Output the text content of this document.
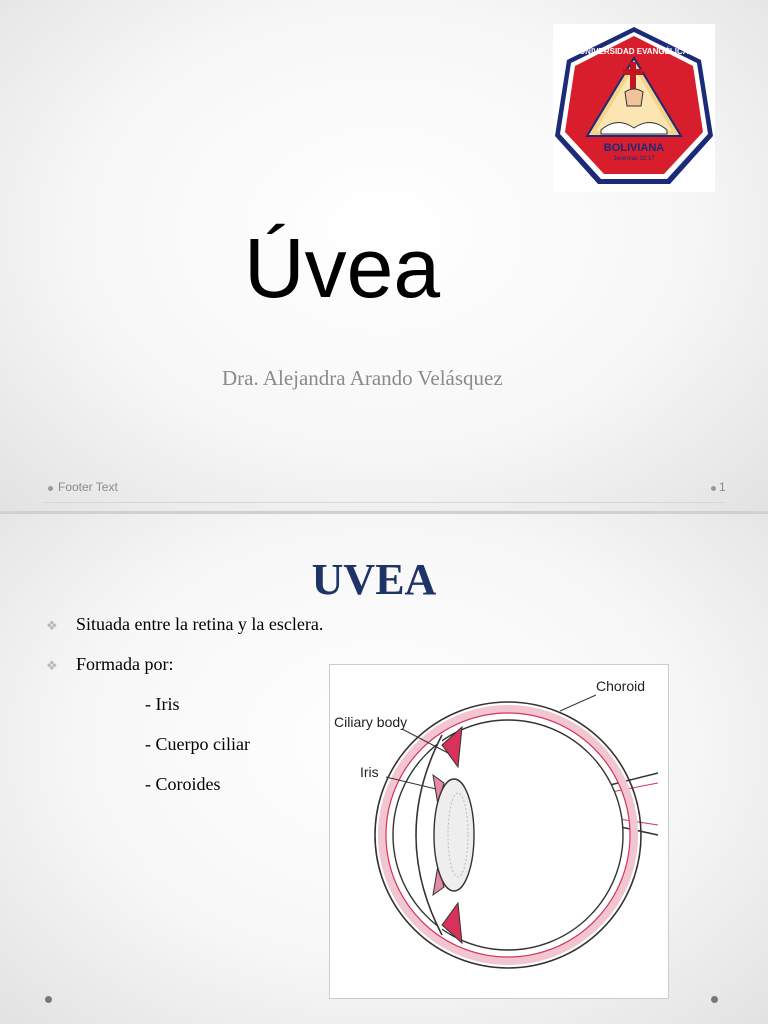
UNIVERSIDAD EVANGÉLICA
BOLIVIANA
Jeremías 32:17
Úvea
Dra. Alejandra Arando Velásquez
Footer Text	1
UVEA
❖ Situada entre la retina y la esclera.
❖ Formada por:
- Iris
- Cuerpo ciliar
- Coroides
Choroid
Ciliary body
Iris
